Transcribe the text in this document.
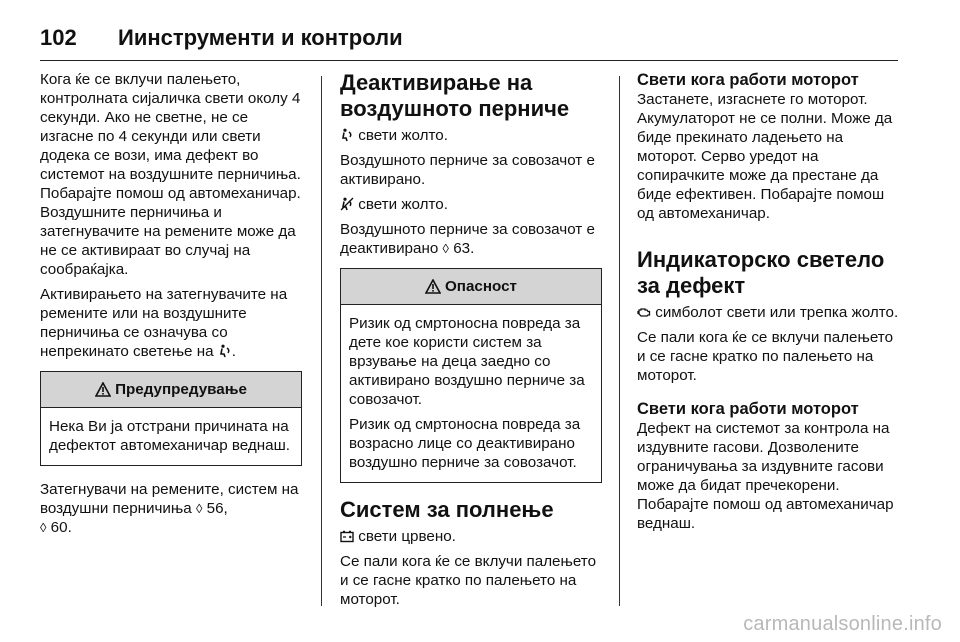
102	Иинструменти и контроли

Кога ќе се вклучи палењето, контролната сијаличка свети околу 4 секунди. Ако не светне, не се изгасне по 4 секунди или свети додека се вози, има дефект во системот на воздушните перничиња. Побарајте помош од автомеханичар. Воздушните перничиња и затегнувачите на ремените може да не се активираат во случај на сообраќајка.

Активирањето на затегнувачите на ремените или на воздушните перничиња се означува со непрекинато светење на .

Предупредување

Нека Ви ја отстрани причината на дефектот автомеханичар веднаш.

Затегнувачи на ремените, систем на воздушни перничиња ◊ 56,
◊ 60.

Деактивирање на воздушното перниче

свети жолто.

Воздушното перниче за совозачот е активирано.

свети жолто.

Воздушното перниче за совозачот е деактивирано ◊ 63.

Опасност

Ризик од смртоносна повреда за дете кое користи систем за врзување на деца заедно со активирано воздушно перниче за совозачот.

Ризик од смртоносна повреда за возрасно лице со деактивирано воздушно перниче за совозачот.

Систем за полнење

свети црвено.

Се пали кога ќе се вклучи палењето и се гасне кратко по палењето на моторот.

Свети кога работи моторот

Застанете, изгаснете го моторот. Акумулаторот не се полни. Може да биде прекинато ладењето на моторот. Серво уредот на сопирачките може да престане да биде ефективен. Побарајте помош од автомеханичар.

Индикаторско светело за дефект

симболот свети или трепка жолто.

Се пали кога ќе се вклучи палењето и се гасне кратко по палењето на моторот.

Свети кога работи моторот

Дефект на системот за контрола на издувните гасови. Дозволените ограничувања за издувните гасови може да бидат пречекорени. Побарајте помош од автомеханичар веднаш.

carmanualsonline.info
